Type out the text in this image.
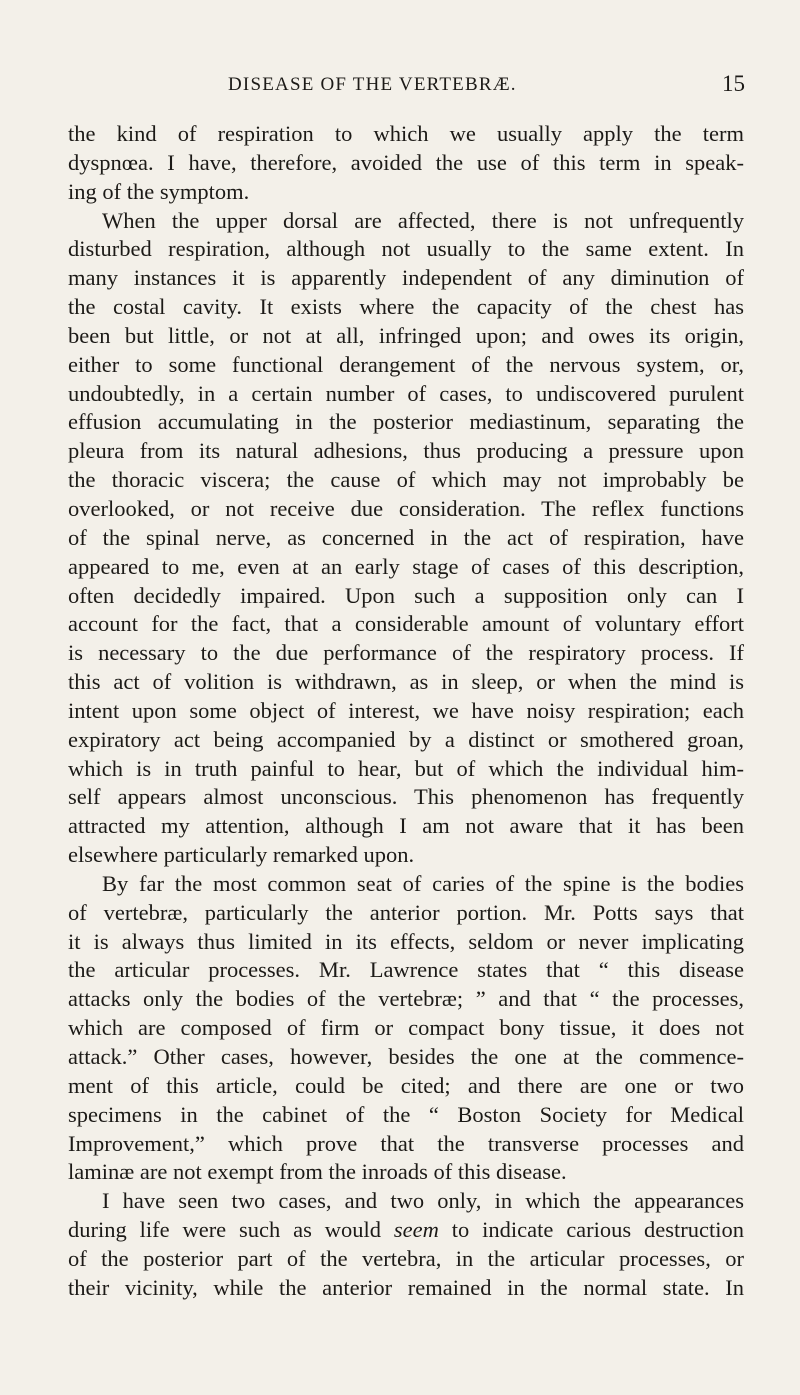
DISEASE OF THE VERTEBRÆ.	15
the kind of respiration to which we usually apply the term
dyspnœa. I have, therefore, avoided the use of this term in speak-
ing of the symptom.
When the upper dorsal are affected, there is not unfrequently
disturbed respiration, although not usually to the same extent. In
many instances it is apparently independent of any diminution of
the costal cavity. It exists where the capacity of the chest has
been but little, or not at all, infringed upon; and owes its origin,
either to some functional derangement of the nervous system, or,
undoubtedly, in a certain number of cases, to undiscovered purulent
effusion accumulating in the posterior mediastinum, separating the
pleura from its natural adhesions, thus producing a pressure upon
the thoracic viscera; the cause of which may not improbably be
overlooked, or not receive due consideration. The reflex functions
of the spinal nerve, as concerned in the act of respiration, have
appeared to me, even at an early stage of cases of this description,
often decidedly impaired. Upon such a supposition only can I
account for the fact, that a considerable amount of voluntary effort
is necessary to the due performance of the respiratory process. If
this act of volition is withdrawn, as in sleep, or when the mind is
intent upon some object of interest, we have noisy respiration; each
expiratory act being accompanied by a distinct or smothered groan,
which is in truth painful to hear, but of which the individual him-
self appears almost unconscious. This phenomenon has frequently
attracted my attention, although I am not aware that it has been
elsewhere particularly remarked upon.
By far the most common seat of caries of the spine is the bodies
of vertebræ, particularly the anterior portion. Mr. Potts says that
it is always thus limited in its effects, seldom or never implicating
the articular processes. Mr. Lawrence states that “ this disease
attacks only the bodies of the vertebræ; ” and that “ the processes,
which are composed of firm or compact bony tissue, it does not
attack.” Other cases, however, besides the one at the commence-
ment of this article, could be cited; and there are one or two
specimens in the cabinet of the “ Boston Society for Medical
Improvement,” which prove that the transverse processes and
laminæ are not exempt from the inroads of this disease.
I have seen two cases, and two only, in which the appearances
during life were such as would seem to indicate carious destruction
of the posterior part of the vertebra, in the articular processes, or
their vicinity, while the anterior remained in the normal state. In
